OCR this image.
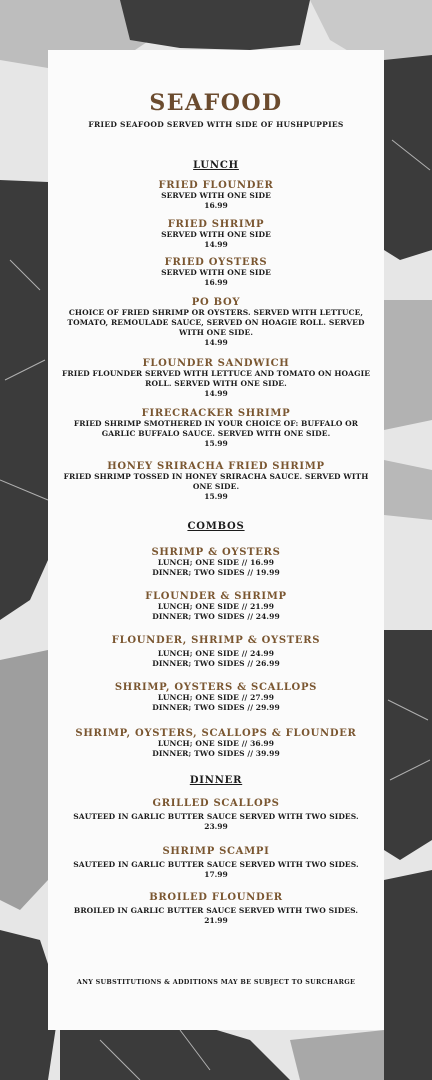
SEAFOOD
FRIED SEAFOOD SERVED WITH SIDE OF HUSHPUPPIES
LUNCH
FRIED FLOUNDER
SERVED WITH ONE SIDE
16.99
FRIED SHRIMP
SERVED WITH ONE SIDE
14.99
FRIED OYSTERS
SERVED WITH ONE SIDE
16.99
PO BOY
CHOICE OF FRIED SHRIMP OR OYSTERS. SERVED WITH LETTUCE, TOMATO, REMOULADE SAUCE, SERVED ON HOAGIE ROLL. SERVED WITH ONE SIDE.
14.99
FLOUNDER SANDWICH
FRIED FLOUNDER SERVED WITH LETTUCE AND TOMATO ON HOAGIE ROLL. SERVED WITH ONE SIDE.
14.99
FIRECRACKER SHRIMP
FRIED SHRIMP SMOTHERED IN YOUR CHOICE OF: BUFFALO OR GARLIC BUFFALO SAUCE. SERVED WITH ONE SIDE.
15.99
HONEY SRIRACHA FRIED SHRIMP
FRIED SHRIMP TOSSED IN HONEY SRIRACHA SAUCE. SERVED WITH ONE SIDE.
15.99
COMBOS
SHRIMP & OYSTERS
LUNCH; ONE SIDE // 16.99
DINNER; TWO SIDES // 19.99
FLOUNDER & SHRIMP
LUNCH; ONE SIDE // 21.99
DINNER; TWO SIDES // 24.99
FLOUNDER, SHRIMP & OYSTERS
LUNCH; ONE SIDE // 24.99
DINNER; TWO SIDES // 26.99
SHRIMP, OYSTERS & SCALLOPS
LUNCH; ONE SIDE // 27.99
DINNER; TWO SIDES // 29.99
SHRIMP, OYSTERS, SCALLOPS & FLOUNDER
LUNCH; ONE SIDE // 36.99
DINNER; TWO SIDES // 39.99
DINNER
GRILLED SCALLOPS
SAUTEED IN GARLIC BUTTER SAUCE SERVED WITH TWO SIDES.
23.99
SHRIMP SCAMPI
SAUTEED IN GARLIC BUTTER SAUCE SERVED WITH TWO SIDES.
17.99
BROILED FLOUNDER
BROILED IN GARLIC BUTTER SAUCE SERVED WITH TWO SIDES.
21.99
ANY SUBSTITUTIONS & ADDITIONS MAY BE SUBJECT TO SURCHARGE
